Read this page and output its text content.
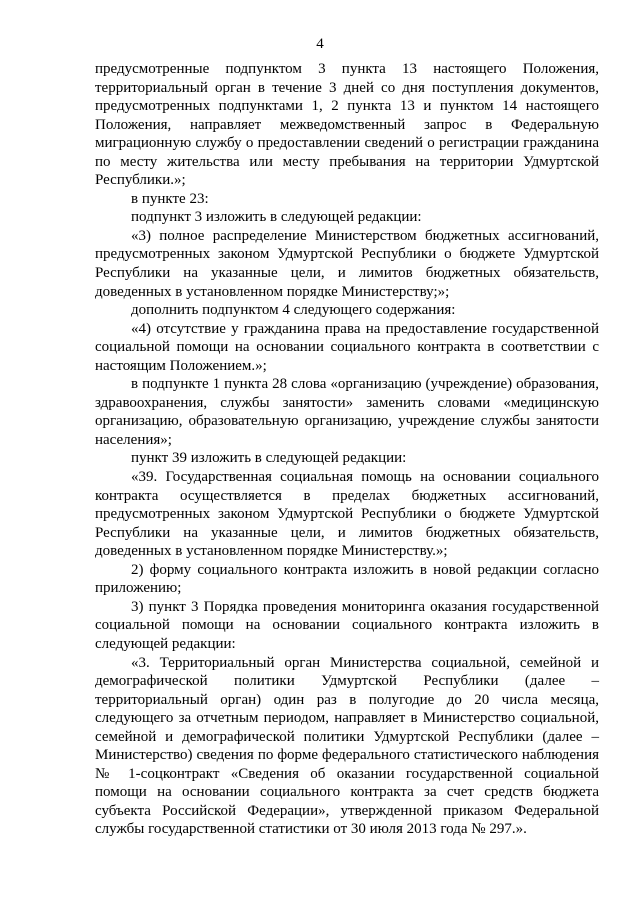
4

предусмотренные подпунктом 3 пункта 13 настоящего Положения, территориальный орган в течение 3 дней со дня поступления документов, предусмотренных подпунктами 1, 2 пункта 13 и пунктом 14 настоящего Положения, направляет межведомственный запрос в Федеральную миграционную службу о предоставлении сведений о регистрации гражданина по месту жительства или месту пребывания на территории Удмуртской Республики.»;

в пункте 23:

подпункт 3 изложить в следующей редакции:

«3) полное распределение Министерством бюджетных ассигнований, предусмотренных законом Удмуртской Республики о бюджете Удмуртской Республики на указанные цели, и лимитов бюджетных обязательств, доведенных в установленном порядке Министерству;»;

дополнить подпунктом 4 следующего содержания:

«4) отсутствие у гражданина права на предоставление государственной социальной помощи на основании социального контракта в соответствии с настоящим Положением.»;

в подпункте 1 пункта 28 слова «организацию (учреждение) образования, здравоохранения, службы занятости» заменить словами «медицинскую организацию, образовательную организацию, учреждение службы занятости населения»;

пункт 39 изложить в следующей редакции:

«39. Государственная социальная помощь на основании социального контракта осуществляется в пределах бюджетных ассигнований, предусмотренных законом Удмуртской Республики о бюджете Удмуртской Республики на указанные цели, и лимитов бюджетных обязательств, доведенных в установленном порядке Министерству.»;

2) форму социального контракта изложить в новой редакции согласно приложению;

3) пункт 3 Порядка проведения мониторинга оказания государственной социальной помощи на основании социального контракта изложить в следующей редакции:

«3. Территориальный орган Министерства социальной, семейной и демографической политики Удмуртской Республики (далее – территориальный орган) один раз в полугодие до 20 числа месяца, следующего за отчетным периодом, направляет в Министерство социальной, семейной и демографической политики Удмуртской Республики (далее – Министерство) сведения по форме федерального статистического наблюдения № 1-соцконтракт «Сведения об оказании государственной социальной помощи на основании социального контракта за счет средств бюджета субъекта Российской Федерации», утвержденной приказом Федеральной службы государственной статистики от 30 июля 2013 года № 297.».
